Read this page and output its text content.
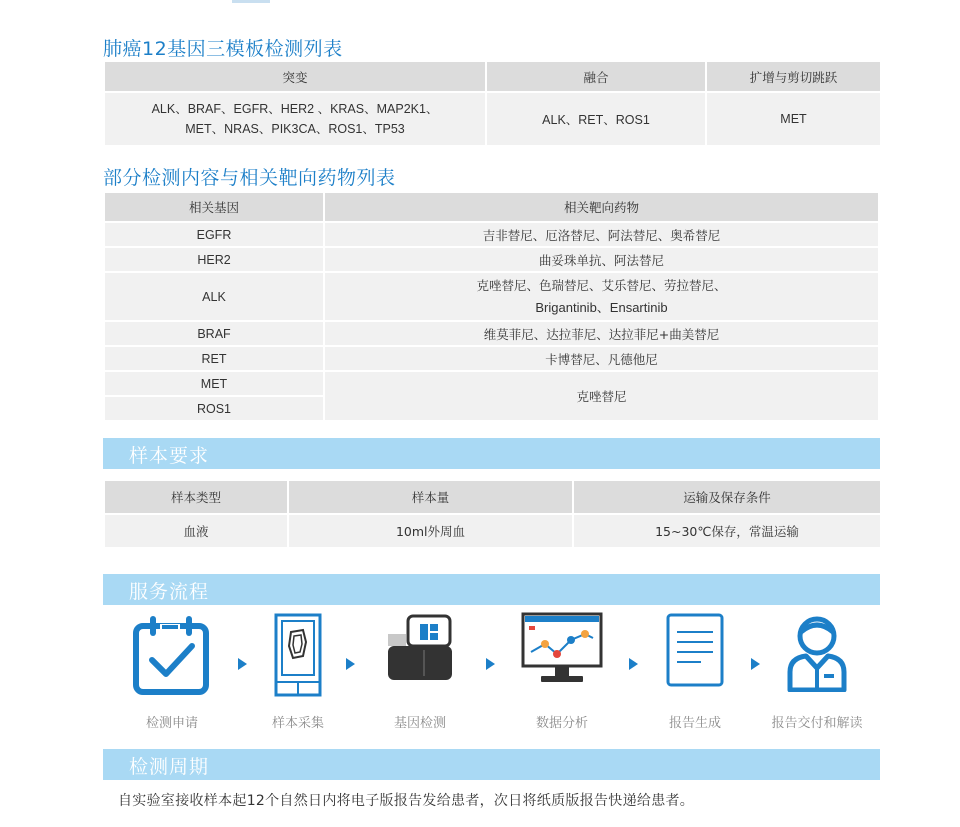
肺癌12基因三模板检测列表
突变	融合	扩增与剪切跳跃

ALK、BRAF、EGFR、HER2 、KRAS、MAP2K1、
MET、NRAS、PIK3CA、ROS1、TP53	ALK、RET、ROS1	MET
部分检测内容与相关靶向药物列表
相关基因	相关靶向药物
EGFR	吉非替尼、厄洛替尼、阿法替尼、奥希替尼
HER2	曲妥珠单抗、阿法替尼
ALK	克唑替尼、色瑞替尼、艾乐替尼、劳拉替尼、
Brigantinib、Ensartinib

BRAF	维莫菲尼、达拉菲尼、达拉菲尼+曲美替尼
RET	卡博替尼、凡德他尼
MET	克唑替尼
ROS1	
样本要求
样本类型	样本量	运输及保存条件
血液	10ml外周血	15~30℃保存，常温运输
服务流程
检测申请	样本采集	基因检测	数据分析	报告生成	报告交付和解读
检测周期

自实验室接收样本起12个自然日内将电子版报告发给患者，次日将纸质版报告快递给患者。
